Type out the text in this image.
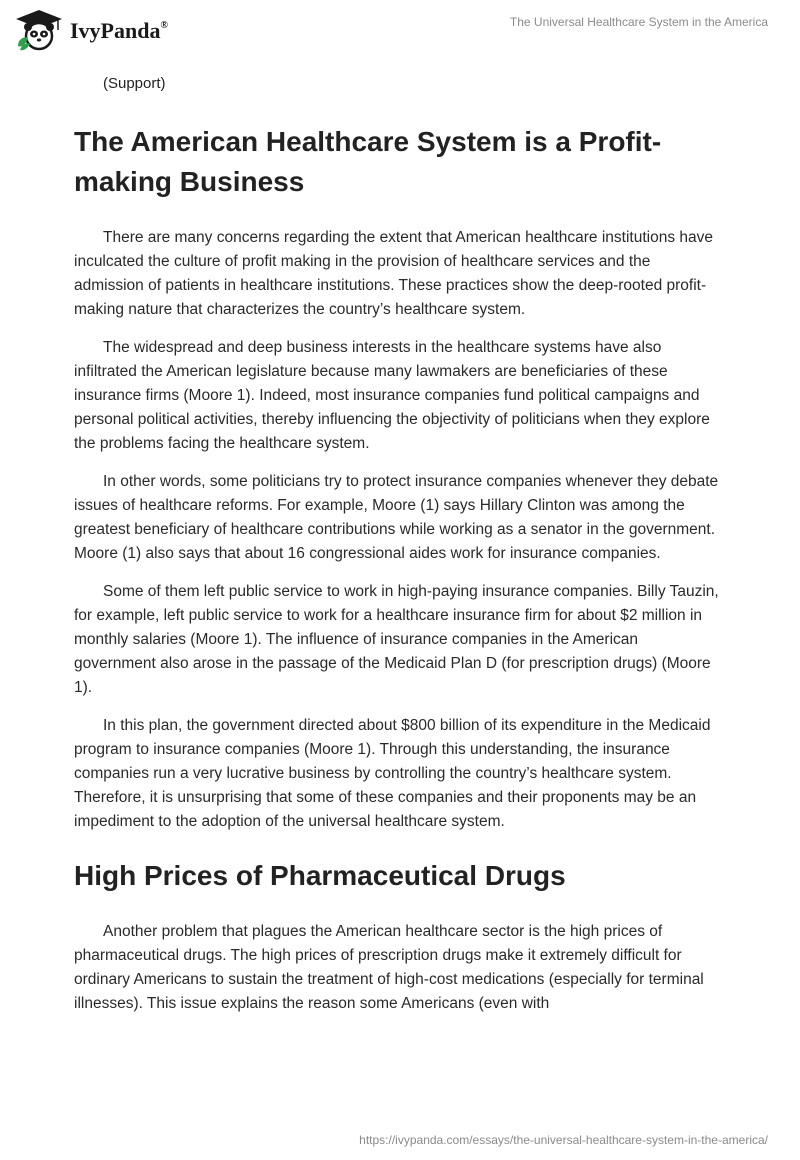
IvyPanda®	The Universal Healthcare System in the America

(Support)

The American Healthcare System is a Profit-making Business

There are many concerns regarding the extent that American healthcare institutions have inculcated the culture of profit making in the provision of healthcare services and the admission of patients in healthcare institutions. These practices show the deep-rooted profit-making nature that characterizes the country’s healthcare system.

The widespread and deep business interests in the healthcare systems have also infiltrated the American legislature because many lawmakers are beneficiaries of these insurance firms (Moore 1). Indeed, most insurance companies fund political campaigns and personal political activities, thereby influencing the objectivity of politicians when they explore the problems facing the healthcare system.

In other words, some politicians try to protect insurance companies whenever they debate issues of healthcare reforms. For example, Moore (1) says Hillary Clinton was among the greatest beneficiary of healthcare contributions while working as a senator in the government. Moore (1) also says that about 16 congressional aides work for insurance companies.

Some of them left public service to work in high-paying insurance companies. Billy Tauzin, for example, left public service to work for a healthcare insurance firm for about $2 million in monthly salaries (Moore 1). The influence of insurance companies in the American government also arose in the passage of the Medicaid Plan D (for prescription drugs) (Moore 1).

In this plan, the government directed about $800 billion of its expenditure in the Medicaid program to insurance companies (Moore 1). Through this understanding, the insurance companies run a very lucrative business by controlling the country’s healthcare system. Therefore, it is unsurprising that some of these companies and their proponents may be an impediment to the adoption of the universal healthcare system.

High Prices of Pharmaceutical Drugs

Another problem that plagues the American healthcare sector is the high prices of pharmaceutical drugs. The high prices of prescription drugs make it extremely difficult for ordinary Americans to sustain the treatment of high-cost medications (especially for terminal illnesses). This issue explains the reason some Americans (even with

https://ivypanda.com/essays/the-universal-healthcare-system-in-the-america/
